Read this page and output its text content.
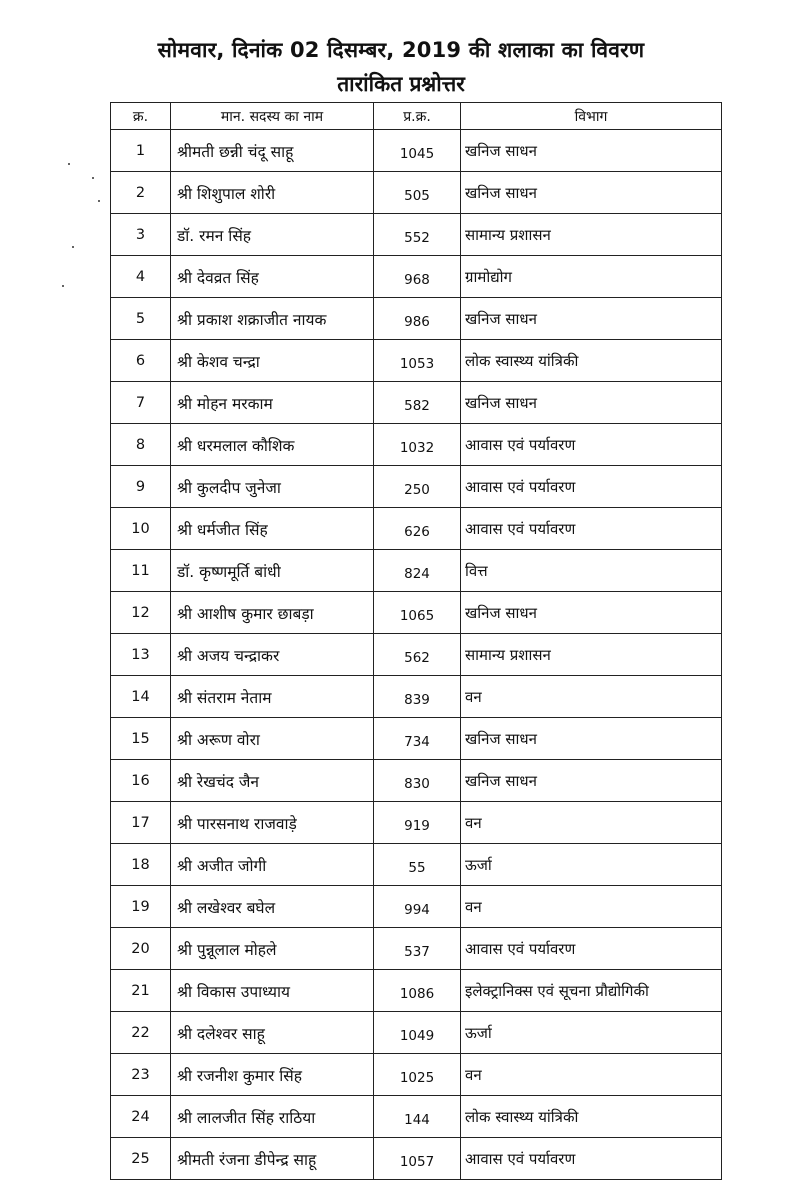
सोमवार, दिनांक 02 दिसम्बर, 2019 की शलाका का विवरण
तारांकित प्रश्नोत्तर
क्र.	मान. सदस्य का नाम	प्र.क्र.	विभाग
1	श्रीमती छन्नी चंदू साहू	1045	खनिज साधन
2	श्री शिशुपाल शोरी	505	खनिज साधन
3	डॉ. रमन सिंह	552	सामान्य प्रशासन
4	श्री देवव्रत सिंह	968	ग्रामोद्योग
5	श्री प्रकाश शक्राजीत नायक	986	खनिज साधन
6	श्री केशव चन्द्रा	1053	लोक स्वास्थ्य यांत्रिकी
7	श्री मोहन मरकाम	582	खनिज साधन
8	श्री धरमलाल कौशिक	1032	आवास एवं पर्यावरण
9	श्री कुलदीप जुनेजा	250	आवास एवं पर्यावरण
10	श्री धर्मजीत सिंह	626	आवास एवं पर्यावरण
11	डॉ. कृष्णमूर्ति बांधी	824	वित्त
12	श्री आशीष कुमार छाबड़ा	1065	खनिज साधन
13	श्री अजय चन्द्राकर	562	सामान्य प्रशासन
14	श्री संतराम नेताम	839	वन
15	श्री अरूण वोरा	734	खनिज साधन
16	श्री रेखचंद जैन	830	खनिज साधन
17	श्री पारसनाथ राजवाड़े	919	वन
18	श्री अजीत जोगी	55	ऊर्जा
19	श्री लखेश्वर बघेल	994	वन
20	श्री पुन्नूलाल मोहले	537	आवास एवं पर्यावरण
21	श्री विकास उपाध्याय	1086	इलेक्ट्रानिक्स एवं सूचना प्रौद्योगिकी
22	श्री दलेश्वर साहू	1049	ऊर्जा
23	श्री रजनीश कुमार सिंह	1025	वन
24	श्री लालजीत सिंह राठिया	144	लोक स्वास्थ्य यांत्रिकी
25	श्रीमती रंजना डीपेन्द्र साहू	1057	आवास एवं पर्यावरण
